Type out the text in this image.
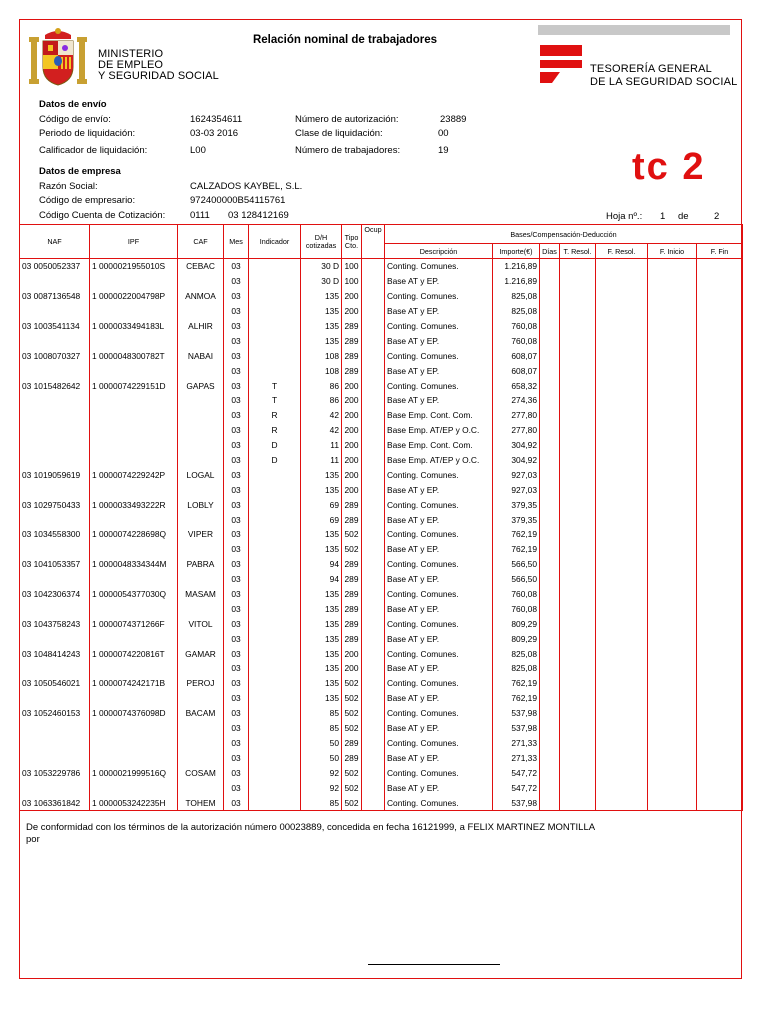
MINISTERIO
DE EMPLEO
Y SEGURIDAD SOCIAL
Relación nominal de trabajadores
TESORERÍA GENERAL
DE LA SEGURIDAD SOCIAL
Datos de envío
Código de envío:	1624354611	Número de autorización:	23889
Periodo de liquidación:	03-03 2016	Clase de liquidación:	00
Calificador de liquidación:	L00	Número de trabajadores:	19	tc 2
Datos de empresa
Razón Social:	CALZADOS KAYBEL, S.L.
Código de empresario:	972400000B54115761
Código Cuenta de Cotización:	0111 03 128412169	Hoja nº.: 1 de	2
NAF	IPF	CAF	Mes	Indicador	D/H cotizadas	Tipo Cto.	Ocup	Bases/Compensación-Deducción						
								Descripción	Importe(€)	Días	T. Resol.	F. Resol.	F. Inicio	F. Fin
03 0050052337	1 0000021955010S	CEBAC	03		30 D	100		Conting. Comunes.	1.216,89					
			03		30 D	100		Base AT y EP.	1.216,89					
03 0087136548	1 0000022004798P	ANMOA	03		135	200		Conting. Comunes.	825,08					
			03		135	200		Base AT y EP.	825,08					
03 1003541134	1 0000033494183L	ALHIR	03		135	289		Conting. Comunes.	760,08					
			03		135	289		Base AT y EP.	760,08					
03 1008070327	1 0000048300782T	NABAI	03		108	289		Conting. Comunes.	608,07					
			03		108	289		Base AT y EP.	608,07					
03 1015482642	1 0000074229151D	GAPAS	03	T	86	200		Conting. Comunes.	658,32					
			03	T	86	200		Base AT y EP.	274,36					
			03	R	42	200		Base Emp. Cont. Com.	277,80					
			03	R	42	200		Base Emp. AT/EP y O.C.	277,80					
			03	D	11	200		Base Emp. Cont. Com.	304,92					
			03	D	11	200		Base Emp. AT/EP y O.C.	304,92					
03 1019059619	1 0000074229242P	LOGAL	03		135	200		Conting. Comunes.	927,03					
			03		135	200		Base AT y EP.	927,03					
03 1029750433	1 0000033493222R	LOBLY	03		69	289		Conting. Comunes.	379,35					
			03		69	289		Base AT y EP.	379,35					
03 1034558300	1 0000074228698Q	VIPER	03		135	502		Conting. Comunes.	762,19					
			03		135	502		Base AT y EP.	762,19					
03 1041053357	1 0000048334344M	PABRA	03		94	289		Conting. Comunes.	566,50					
			03		94	289		Base AT y EP.	566,50					
03 1042306374	1 0000054377030Q	MASAM	03		135	289		Conting. Comunes.	760,08					
			03		135	289		Base AT y EP.	760,08					
03 1043758243	1 0000074371266F	VITOL	03		135	289		Conting. Comunes.	809,29					
			03		135	289		Base AT y EP.	809,29					
03 1048414243	1 0000074220816T	GAMAR	03		135	200		Conting. Comunes.	825,08					
			03		135	200		Base AT y EP.	825,08					
03 1050546021	1 0000074242171B	PEROJ	03		135	502		Conting. Comunes.	762,19					
			03		135	502		Base AT y EP.	762,19					
03 1052460153	1 0000074376098D	BACAM	03		85	502		Conting. Comunes.	537,98					
			03		85	502		Base AT y EP.	537,98					
			03		50	289		Conting. Comunes.	271,33					
			03		50	289		Base AT y EP.	271,33					
03 1053229786	1 0000021999516Q	COSAM	03		92	502		Conting. Comunes.	547,72					
			03		92	502		Base AT y EP.	547,72					
03 1063361842	1 0000053242235H	TOHEM	03		85	502		Conting. Comunes.	537,98					
De conformidad con los términos de la autorización número 00023889, concedida en fecha 16121999, a FELIX MARTINEZ MONTILLA
por
